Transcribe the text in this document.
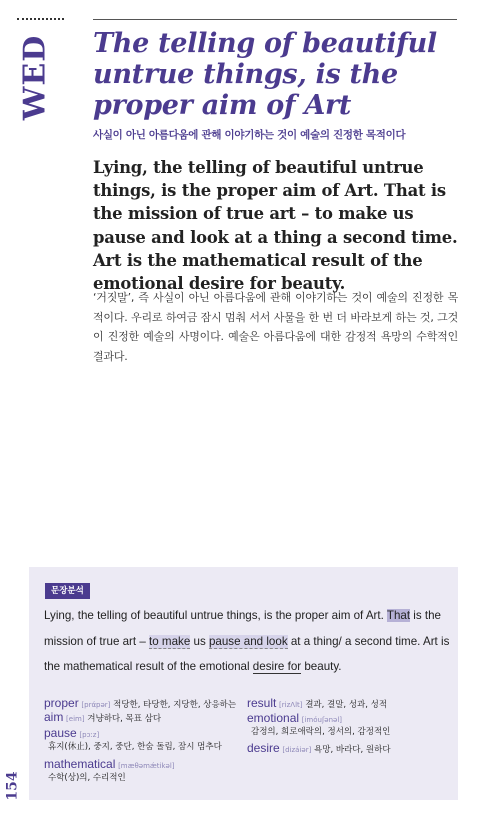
WED The telling of beautiful untrue things, is the proper aim of Art
사실이 아닌 아름다움에 관해 이야기하는 것이 예술의 진정한 목적이다

Lying, the telling of beautiful untrue things, is the proper aim of Art. That is the mission of true art – to make us pause and look at a thing a second time. Art is the mathematical result of the emotional desire for beauty.

‘거짓말’, 즉 사실이 아닌 아름다움에 관해 이야기하는 것이 예술의 진정한 목적이다. 우리로 하여금 잠시 멈춰 서서 사물을 한 번 더 바라보게 하는 것, 그것이 진정한 예술의 사명이다. 예술은 아름다움에 대한 감정적 욕망의 수학적인 결과다.

문장분석

Lying, the telling of beautiful untrue things, is the proper aim of Art. That is the mission of true art – to make us pause and look at a thing/ a second time. Art is the mathematical result of the emotional desire for beauty.

proper [prάpər] 적당한, 타당한, 지당한, 상응하는
aim [eim] 겨냥하다, 목표 삼다
pause [pɔːz]
휴지(休止), 중지, 중단, 한숨 돌림, 잠시 멈추다
mathematical [mæθəmǽtikəl]
수학(상)의, 수리적인
result [rizΛlt] 결과, 결말, 성과, 성적
emotional [imóuʃənəl]
감정의, 희로애락의, 정서의, 감정적인
desire [dizáiər] 욕망, 바라다, 원하다
154
